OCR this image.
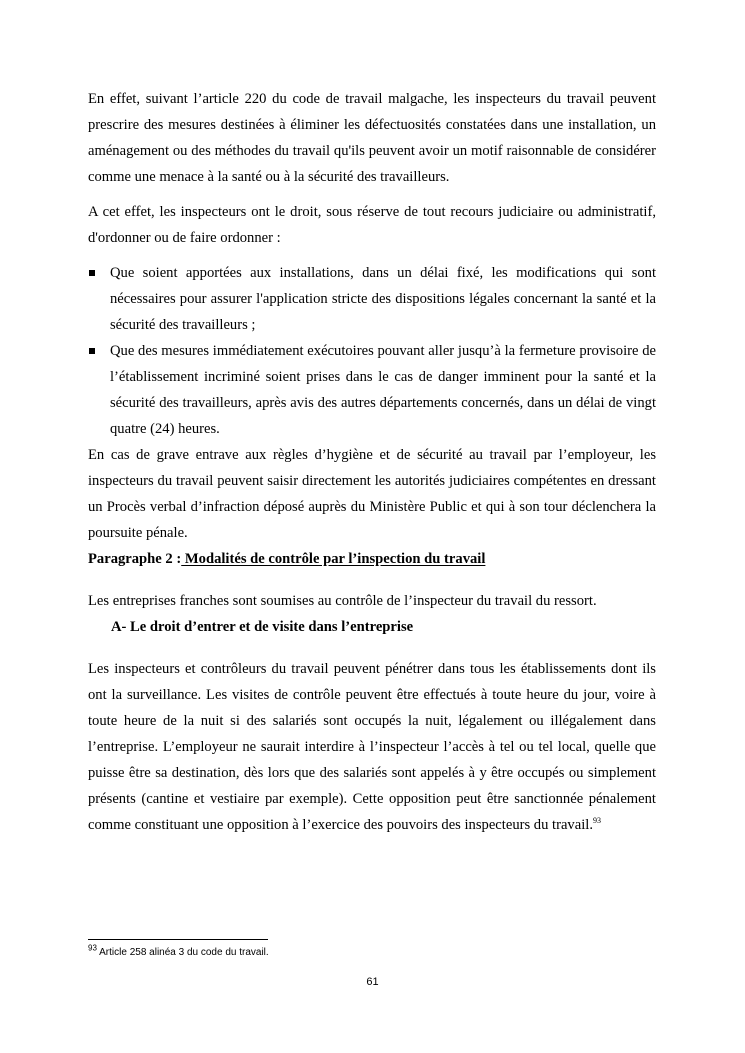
En effet, suivant l’article 220 du code de travail malgache, les inspecteurs du travail peuvent prescrire des mesures destinées à éliminer les défectuosités constatées dans une installation, un aménagement ou des méthodes du travail qu'ils peuvent avoir un motif raisonnable de considérer comme une menace à la santé ou à la sécurité des travailleurs.

A cet effet, les inspecteurs ont le droit, sous réserve de tout recours judiciaire ou administratif, d'ordonner ou de faire ordonner :

Que soient apportées aux installations, dans un délai fixé, les modifications qui sont nécessaires pour assurer l'application stricte des dispositions légales concernant la santé et la sécurité des travailleurs ;
Que des mesures immédiatement exécutoires pouvant aller jusqu’à la fermeture provisoire de l’établissement incriminé soient prises dans le cas de danger imminent pour la santé et la sécurité des travailleurs, après avis des autres départements concernés, dans un délai de vingt quatre (24) heures.

En cas de grave entrave aux règles d’hygiène et de sécurité au travail par l’employeur, les inspecteurs du travail peuvent saisir directement les autorités judiciaires compétentes en dressant un Procès verbal d’infraction déposé auprès du Ministère Public et qui à son tour déclenchera la poursuite pénale.

Paragraphe 2 : Modalités de contrôle par l’inspection du travail

Les entreprises franches sont soumises au contrôle de l’inspecteur du travail du ressort.

A- Le droit d’entrer et de visite dans l’entreprise

Les inspecteurs et contrôleurs du travail peuvent pénétrer dans tous les établissements dont ils ont la surveillance. Les visites de contrôle peuvent être effectués à toute heure du jour, voire à toute heure de la nuit si des salariés sont occupés la nuit, légalement ou illégalement dans l’entreprise. L’employeur ne saurait interdire à l’inspecteur l’accès à tel ou tel local, quelle que puisse être sa destination, dès lors que des salariés sont appelés à y être occupés ou simplement présents (cantine et vestiaire par exemple). Cette opposition peut être sanctionnée pénalement comme constituant une opposition à l’exercice des pouvoirs des inspecteurs du travail.$^{93}$

$^{93}$ Article 258 alinéa 3 du code du travail.
61
